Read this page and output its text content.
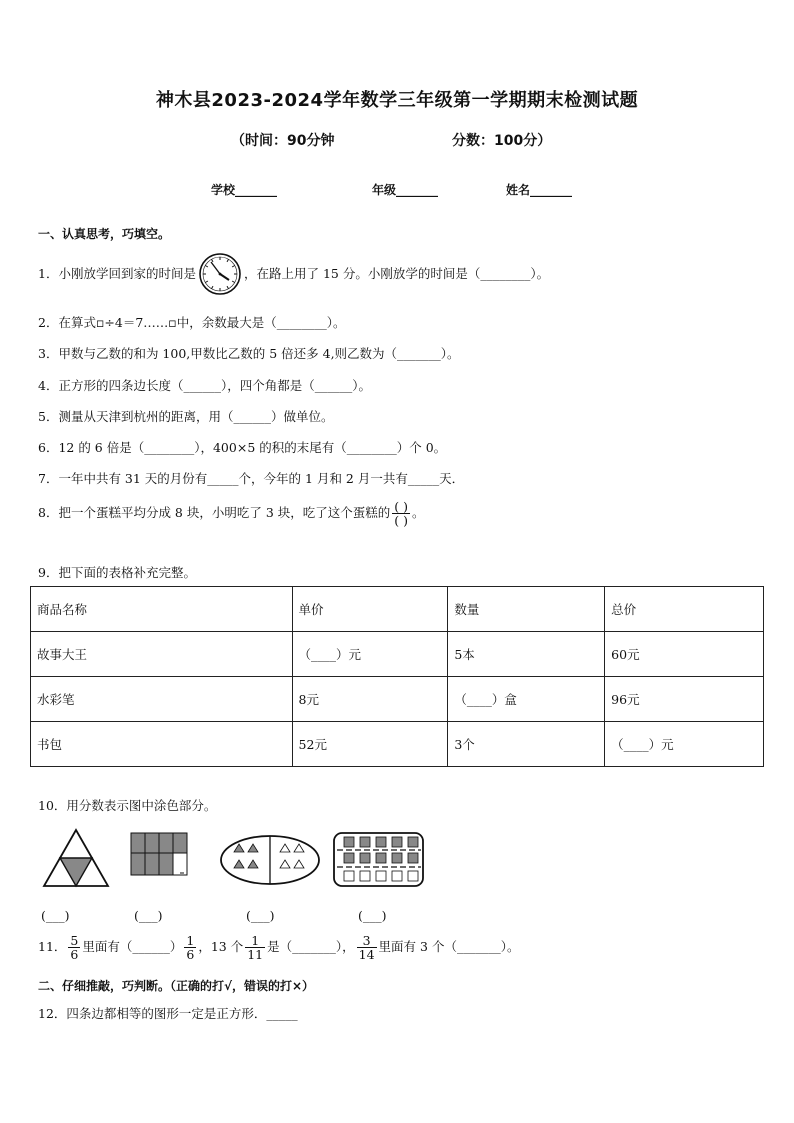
神木县2023-2024学年数学三年级第一学期期末检测试题
（时间：90分钟	分数：100分）
学校_______	年级_______	姓名_______
一、认真思考，巧填空。
1．小刚放学回到家的时间是	，在路上用了 15 分。小刚放学的时间是（________）。
2．在算式▫÷4＝7……▫中，余数最大是（________）。
3．甲数与乙数的和为 100,甲数比乙数的 5 倍还多 4,则乙数为（_______）。
4．正方形的四条边长度（______），四个角都是（______）。
5．测量从天津到杭州的距离，用（______）做单位。
6．12 的 6 倍是（________），400×5 的积的末尾有（________）个 0。
7．一年中共有 31 天的月份有_____个，今年的 1 月和 2 月一共有_____天．
8．把一个蛋糕平均分成 8 块，小明吃了 3 块，吃了这个蛋糕的 $\frac{( )}{( )}$ 。
9．把下面的表格补充完整。
商品名称	单价	数量	总价
故事大王	（____）元	5本	60元
水彩笔	8元	（____）盒	96元
书包	52元	3个	（____）元
10．用分数表示图中涂色部分。
(___)	(___)	(___)	(___)
11． $\frac{5}{6}$ 里面有（______） $\frac{1}{6}$ ，13 个 $\frac{1}{11}$ 是（_______）， $\frac{3}{14}$ 里面有 3 个（_______）。
二、仔细推敲，巧判断。（正确的打√，错误的打×）
12．四条边都相等的图形一定是正方形．_____
